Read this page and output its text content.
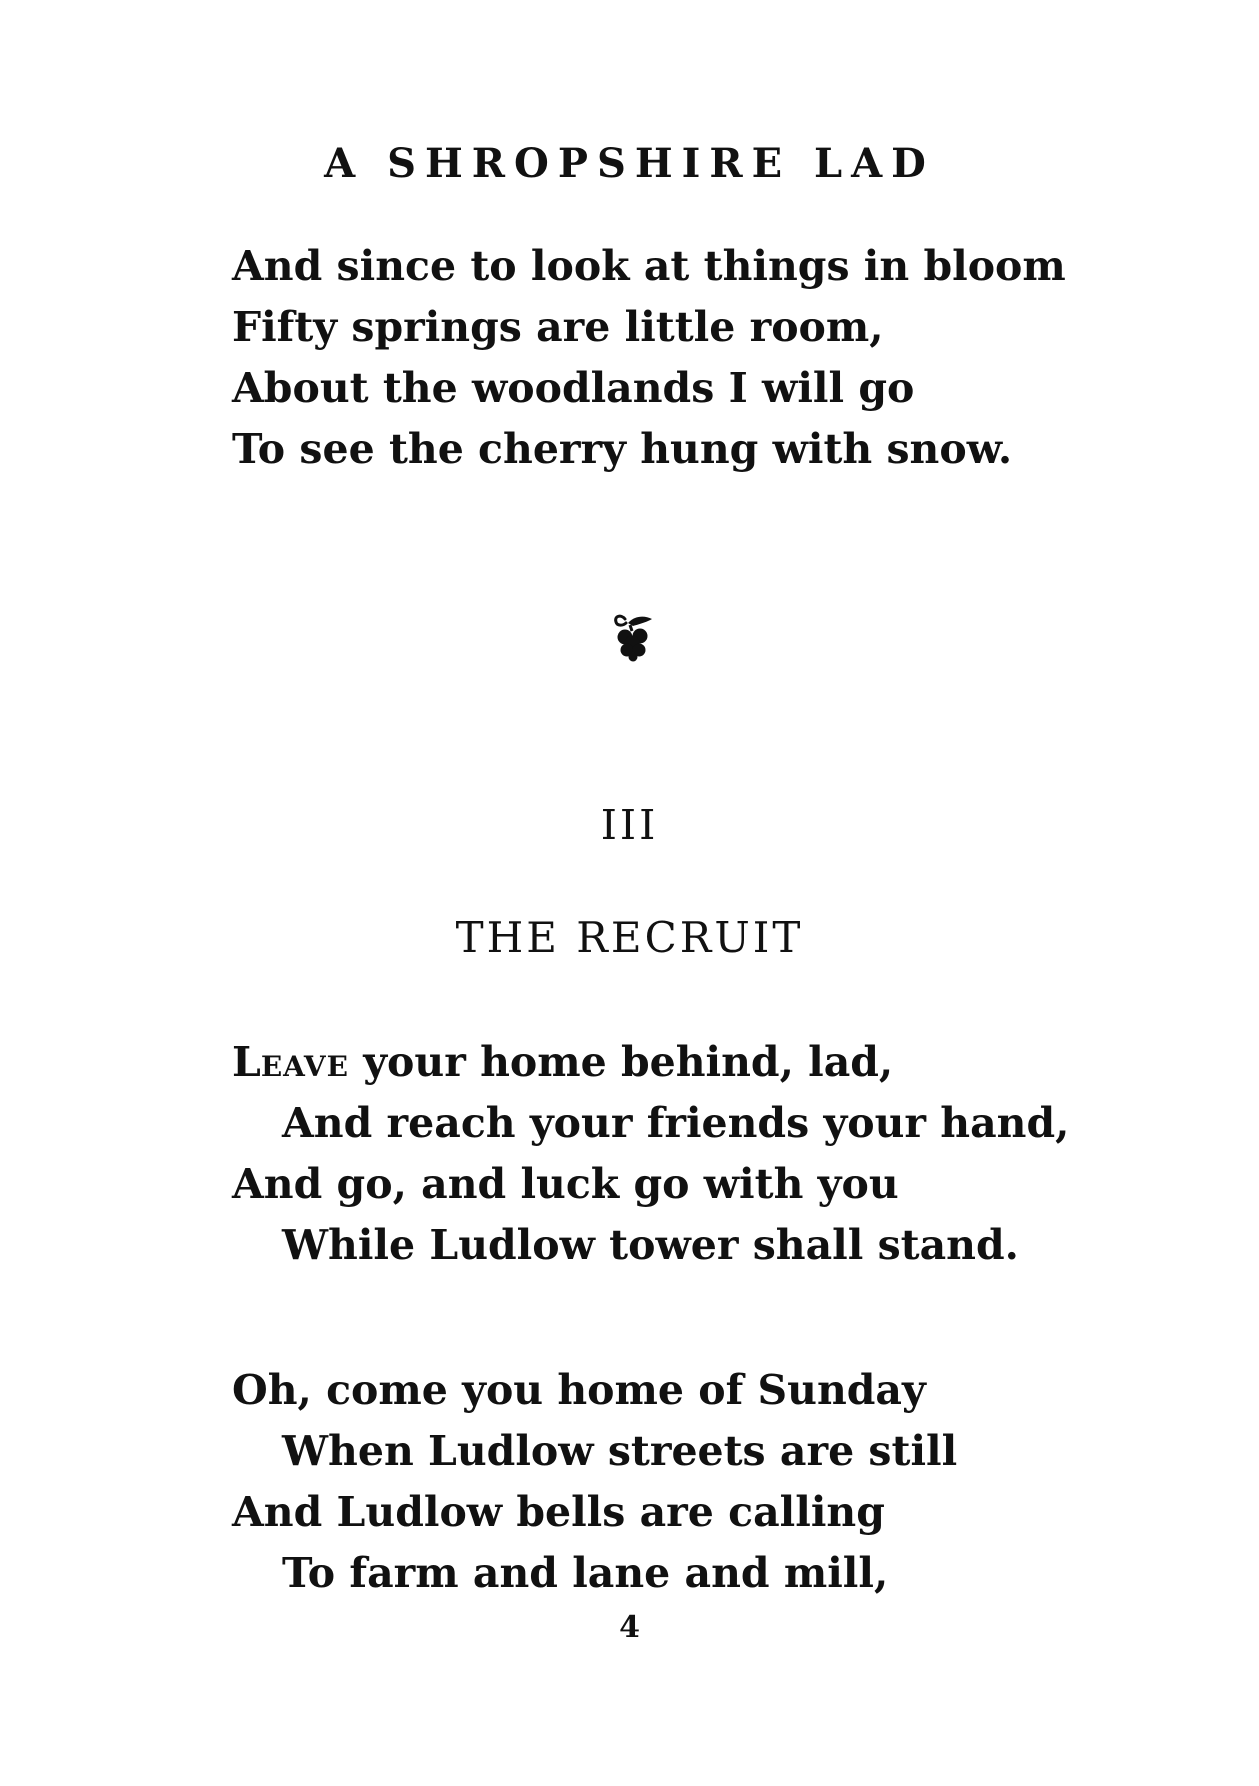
A SHROPSHIRE LAD
And since to look at things in bloom
Fifty springs are little room,
About the woodlands I will go
To see the cherry hung with snow.
III
THE RECRUIT
LEAVE your home behind, lad,
And reach your friends your hand,
And go, and luck go with you
While Ludlow tower shall stand.
Oh, come you home of Sunday
When Ludlow streets are still
And Ludlow bells are calling
To farm and lane and mill,
4
